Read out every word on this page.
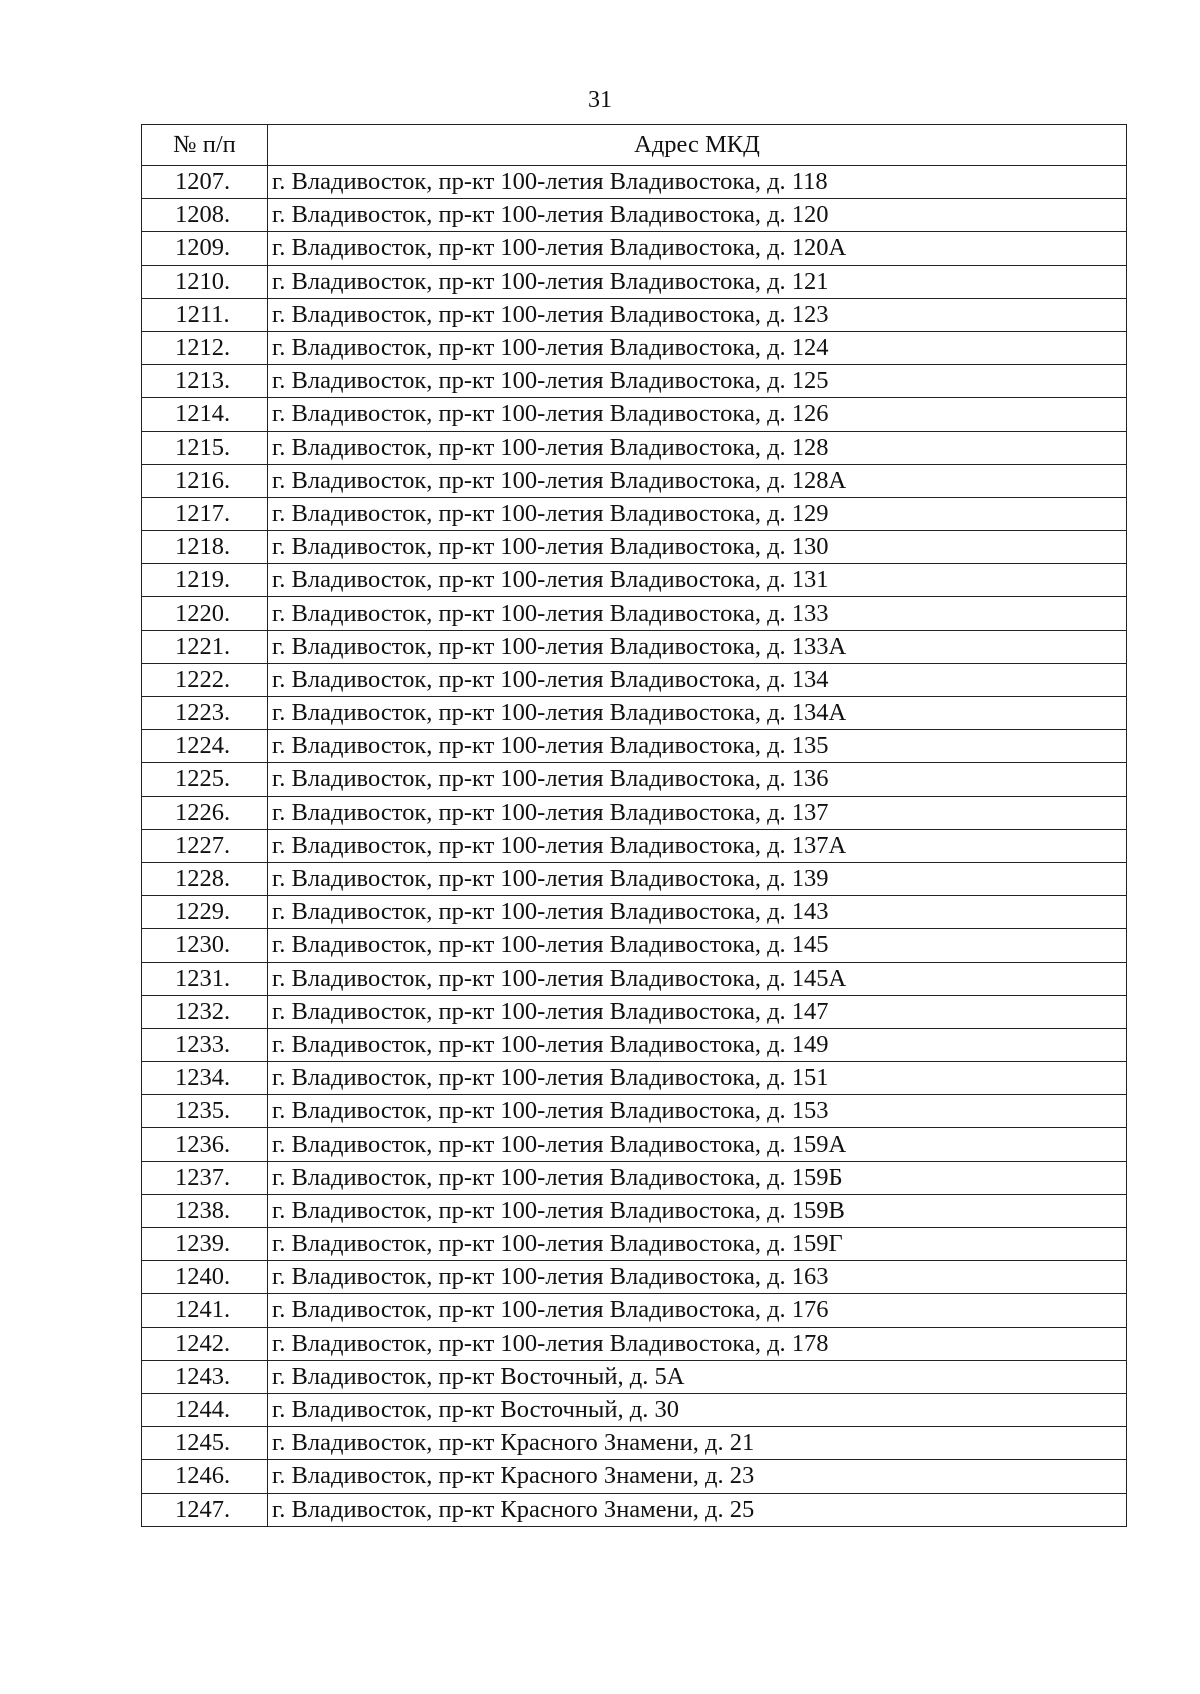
31
№ п/п	Адрес МКД
1207.	г. Владивосток, пр-кт 100-летия Владивостока, д. 118
1208.	г. Владивосток, пр-кт 100-летия Владивостока, д. 120
1209.	г. Владивосток, пр-кт 100-летия Владивостока, д. 120А
1210.	г. Владивосток, пр-кт 100-летия Владивостока, д. 121
1211.	г. Владивосток, пр-кт 100-летия Владивостока, д. 123
1212.	г. Владивосток, пр-кт 100-летия Владивостока, д. 124
1213.	г. Владивосток, пр-кт 100-летия Владивостока, д. 125
1214.	г. Владивосток, пр-кт 100-летия Владивостока, д. 126
1215.	г. Владивосток, пр-кт 100-летия Владивостока, д. 128
1216.	г. Владивосток, пр-кт 100-летия Владивостока, д. 128А
1217.	г. Владивосток, пр-кт 100-летия Владивостока, д. 129
1218.	г. Владивосток, пр-кт 100-летия Владивостока, д. 130
1219.	г. Владивосток, пр-кт 100-летия Владивостока, д. 131
1220.	г. Владивосток, пр-кт 100-летия Владивостока, д. 133
1221.	г. Владивосток, пр-кт 100-летия Владивостока, д. 133А
1222.	г. Владивосток, пр-кт 100-летия Владивостока, д. 134
1223.	г. Владивосток, пр-кт 100-летия Владивостока, д. 134А
1224.	г. Владивосток, пр-кт 100-летия Владивостока, д. 135
1225.	г. Владивосток, пр-кт 100-летия Владивостока, д. 136
1226.	г. Владивосток, пр-кт 100-летия Владивостока, д. 137
1227.	г. Владивосток, пр-кт 100-летия Владивостока, д. 137А
1228.	г. Владивосток, пр-кт 100-летия Владивостока, д. 139
1229.	г. Владивосток, пр-кт 100-летия Владивостока, д. 143
1230.	г. Владивосток, пр-кт 100-летия Владивостока, д. 145
1231.	г. Владивосток, пр-кт 100-летия Владивостока, д. 145А
1232.	г. Владивосток, пр-кт 100-летия Владивостока, д. 147
1233.	г. Владивосток, пр-кт 100-летия Владивостока, д. 149
1234.	г. Владивосток, пр-кт 100-летия Владивостока, д. 151
1235.	г. Владивосток, пр-кт 100-летия Владивостока, д. 153
1236.	г. Владивосток, пр-кт 100-летия Владивостока, д. 159А
1237.	г. Владивосток, пр-кт 100-летия Владивостока, д. 159Б
1238.	г. Владивосток, пр-кт 100-летия Владивостока, д. 159В
1239.	г. Владивосток, пр-кт 100-летия Владивостока, д. 159Г
1240.	г. Владивосток, пр-кт 100-летия Владивостока, д. 163
1241.	г. Владивосток, пр-кт 100-летия Владивостока, д. 176
1242.	г. Владивосток, пр-кт 100-летия Владивостока, д. 178
1243.	г. Владивосток, пр-кт Восточный, д. 5А
1244.	г. Владивосток, пр-кт Восточный, д. 30
1245.	г. Владивосток, пр-кт Красного Знамени, д. 21
1246.	г. Владивосток, пр-кт Красного Знамени, д. 23
1247.	г. Владивосток, пр-кт Красного Знамени, д. 25
